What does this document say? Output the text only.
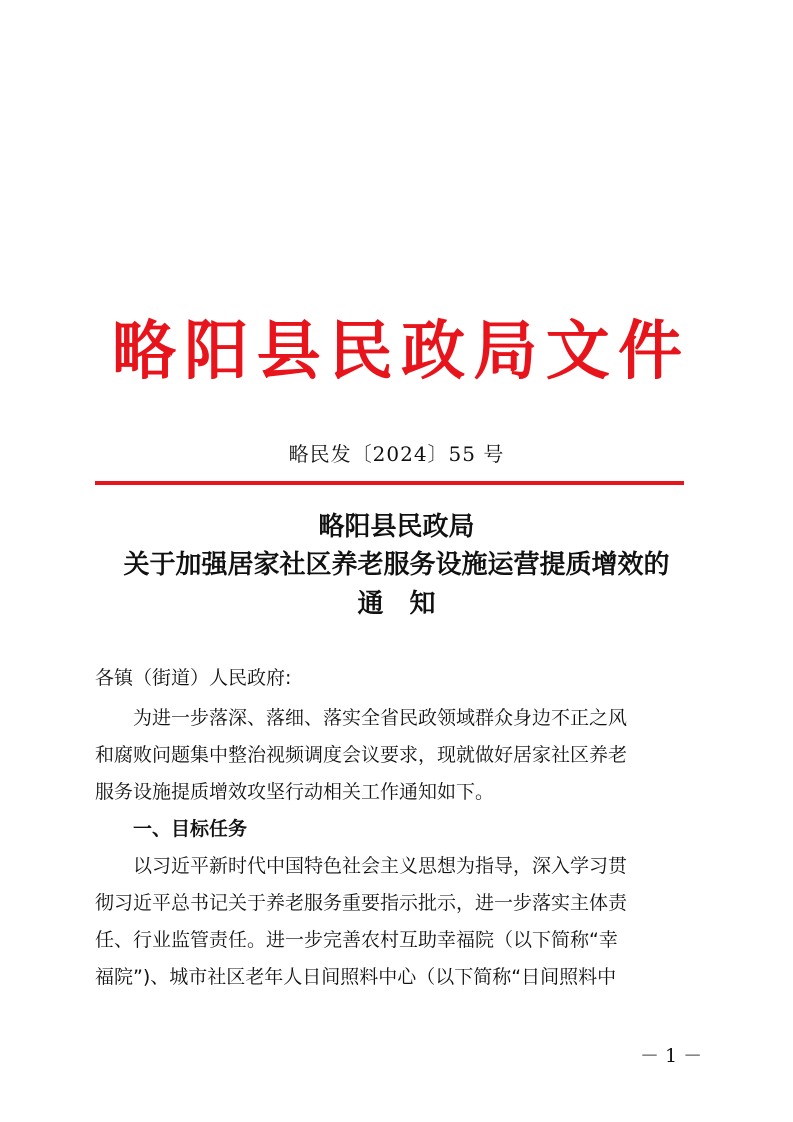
略 阳 县 民 政 局 文 件
略民发〔2024〕55 号
略阳县民政局
关于加强居家社区养老服务设施运营提质增效的
通知
各镇（街道）人民政府:
为进一步落深、落细、落实全省民政领域群众身边不正之风
和腐败问题集中整治视频调度会议要求，现就做好居家社区养老
服务设施提质增效攻坚行动相关工作通知如下。
一、目标任务
以习近平新时代中国特色社会主义思想为指导，深入学习贯
彻习近平总书记关于养老服务重要指示批示，进一步落实主体责
任、行业监管责任。进一步完善农村互助幸福院（以下简称“幸
福院”)、城市社区老年人日间照料中心（以下简称“日间照料中
－ 1 －
